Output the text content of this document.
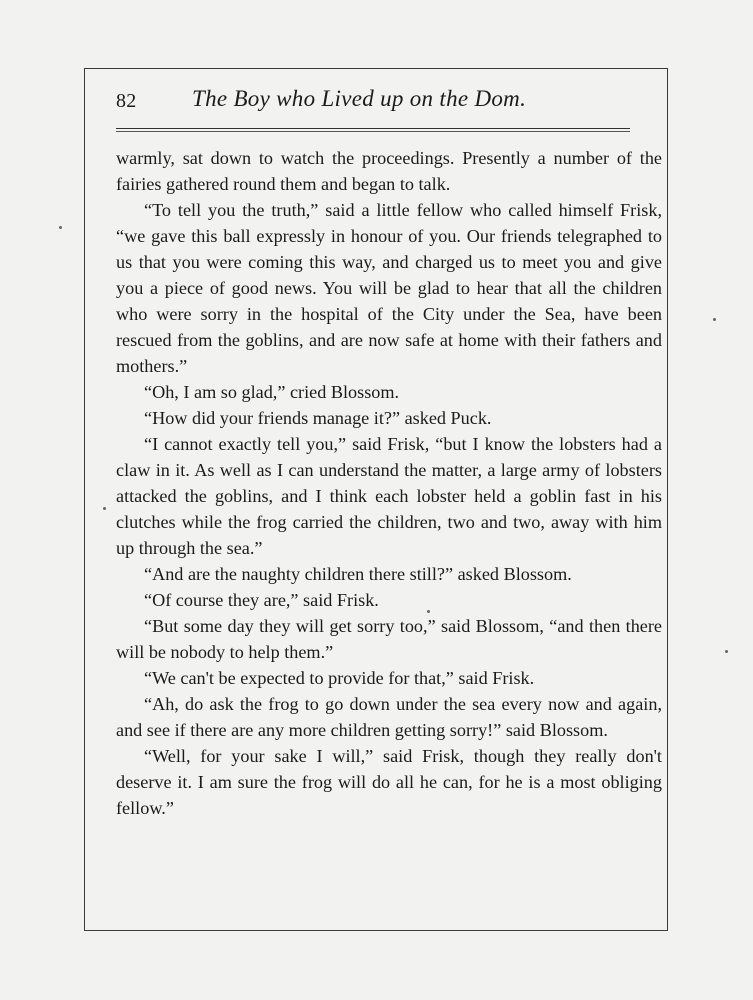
82 The Boy who Lived up on the Dom.

warmly, sat down to watch the proceedings. Presently a number of the fairies gathered round them and began to talk.

“To tell you the truth,” said a little fellow who called himself Frisk, “we gave this ball expressly in honour of you. Our friends telegraphed to us that you were coming this way, and charged us to meet you and give you a piece of good news. You will be glad to hear that all the children who were sorry in the hospital of the City under the Sea, have been rescued from the goblins, and are now safe at home with their fathers and mothers.”

“Oh, I am so glad,” cried Blossom.

“How did your friends manage it?” asked Puck.

“I cannot exactly tell you,” said Frisk, “but I know the lobsters had a claw in it. As well as I can understand the matter, a large army of lobsters attacked the goblins, and I think each lobster held a goblin fast in his clutches while the frog carried the children, two and two, away with him up through the sea.”

“And are the naughty children there still?” asked Blossom.

“Of course they are,” said Frisk.

“But some day they will get sorry too,” said Blossom, “and then there will be nobody to help them.”

“We can't be expected to provide for that,” said Frisk.

“Ah, do ask the frog to go down under the sea every now and again, and see if there are any more children getting sorry!” said Blossom.

“Well, for your sake I will,” said Frisk, though they really don't deserve it. I am sure the frog will do all he can, for he is a most obliging fellow.”
